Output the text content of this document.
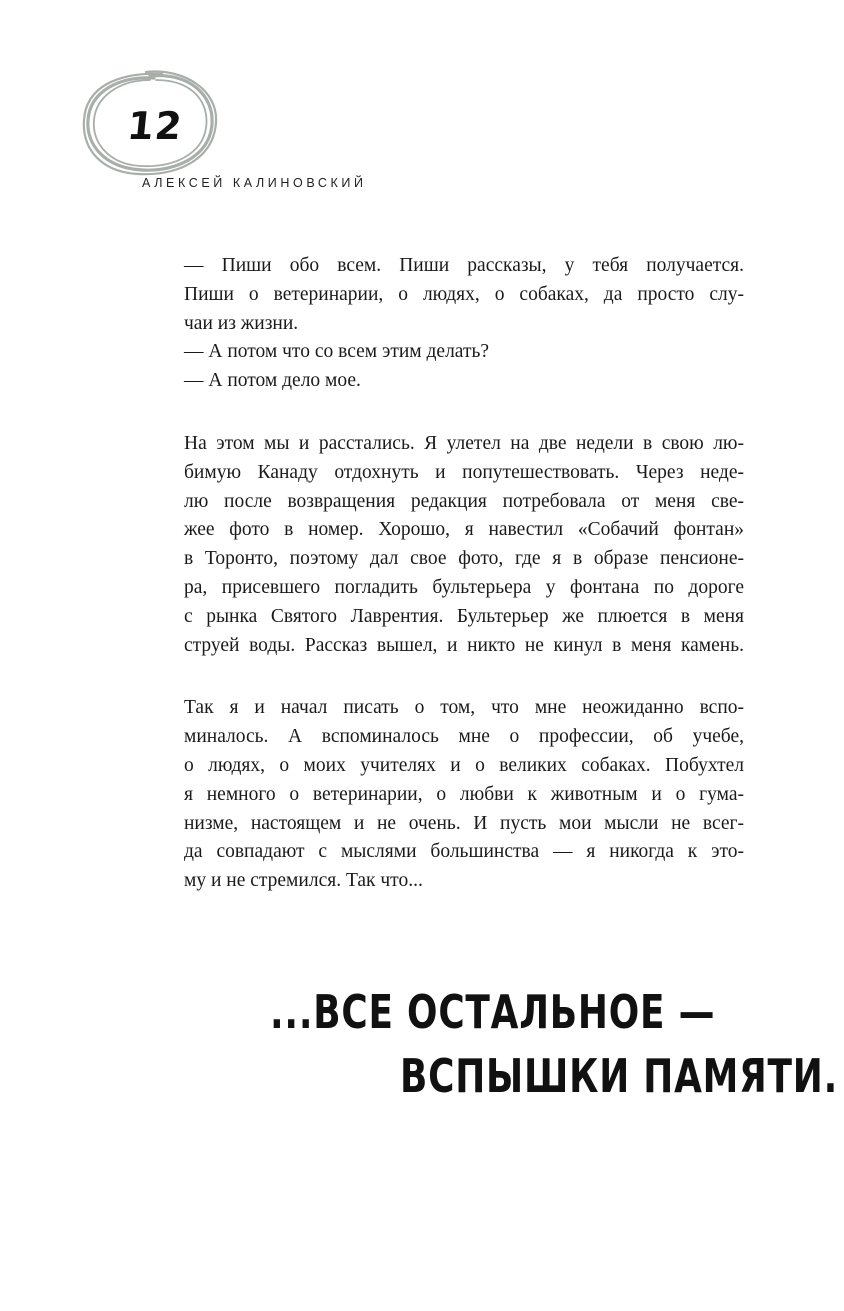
12
АЛЕКСЕЙ КАЛИНОВСКИЙ
— Пиши обо всем. Пиши рассказы, у тебя получается.
Пиши о ветеринарии, о людях, о собаках, да просто слу-
чаи из жизни.
— А потом что со всем этим делать?
— А потом дело мое.
На этом мы и расстались. Я улетел на две недели в свою лю-
бимую Канаду отдохнуть и попутешествовать. Через неде-
лю после возвращения редакция потребовала от меня све-
жее фото в номер. Хорошо, я навестил «Собачий фонтан»
в Торонто, поэтому дал свое фото, где я в образе пенсионе-
ра, присевшего погладить бультерьера у фонтана по дороге
с рынка Святого Лаврентия. Бультерьер же плюется в меня
струей воды. Рассказ вышел, и никто не кинул в меня камень.
Так я и начал писать о том, что мне неожиданно вспо-
миналось. А вспоминалось мне о профессии, об учебе,
о людях, о моих учителях и о великих собаках. Побухтел
я немного о ветеринарии, о любви к животным и о гума-
низме, настоящем и не очень. И пусть мои мысли не всег-
да совпадают с мыслями большинства — я никогда к это-
му и не стремился. Так что...
...ВСЕ ОСТАЛЬНОЕ —
ВСПЫШКИ ПАМЯТИ.
